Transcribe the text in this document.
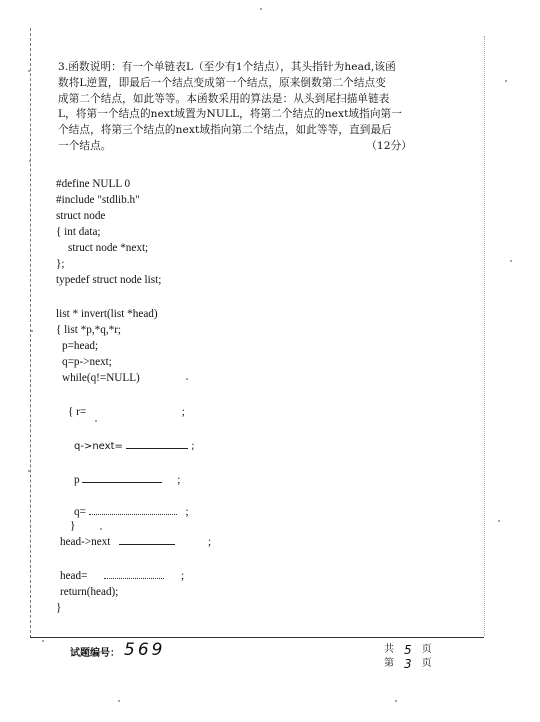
3.函数说明：有一个单链表L（至少有1个结点），其头指针为head,该函
数将L逆置，即最后一个结点变成第一个结点，原来倒数第二个结点变
成第二个结点，如此等等。本函数采用的算法是：从头到尾扫描单链表
L，将第一个结点的next域置为NULL，将第二个结点的next域指向第一
个结点，将第三个结点的next域指向第二个结点，如此等等，直到最后
一个结点。	（12分）
#define NULL 0
#include "stdlib.h"
struct node
{ int data;
struct node *next;
};
typedef struct node list;
list * invert(list *head)
{ list *p,*q,*r;
p=head;
q=p->next;
while(q!=NULL)
{ r=	;
q->next=	;
p	;
q=	;
}
head->next	;
head=	;
return(head);
}
试题编号： 569	共 5 页
第 3 页
